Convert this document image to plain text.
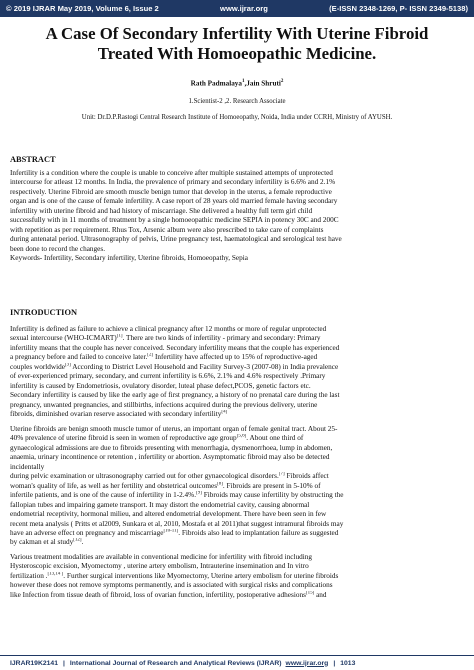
© 2019 IJRAR May 2019, Volume 6, Issue 2	www.ijrar.org	(E-ISSN 2348-1269, P- ISSN 2349-5138)
A Case Of Secondary Infertility With Uterine Fibroid
Treated With Homoeopathic Medicine.
Rath Padmalaya$^1$,Jain Shruti$^2$
1.Scientist-2 ,2. Research Associate
Unit: Dr.D.P.Rastogi Central Research Institute of Homoeopathy, Noida, India under CCRH, Ministry of AYUSH.
ABSTRACT
Infertility is a condition where the couple is unable to conceive after multiple sustained attempts of unprotected
intercourse for atleast 12 months. In India, the prevalence of primary and secondary infertility is 6.6% and 2.1%
respectively. Uterine Fibroid are smooth muscle benign tumor that develop in the uterus, a female reproductive
organ and is one of the cause of female infertility. A case report of 28 years old married female having secondary
infertility with uterine fibroid and had history of miscarriage. She delivered a healthy full term girl child
successfully with in 11 months of treatment by a single homoeopathic medicine SEPIA in potency 30C and 200C
with repetition as per requirement. Rhus Tox, Arsenic album were also prescribed to take care of complaints
during antenatal period. Ultrasonography of pelvis, Urine pregnancy test, haematological and serological test have
been done to record the changes.
Keywords- Infertility, Secondary infertility, Uterine fibroids, Homoeopathy, Sepia
INTRODUCTION
Infertility is defined as failure to achieve a clinical pregnancy after 12 months or more of regular unprotected
sexual intercourse (WHO-ICMART)[1]. There are two kinds of infertility - primary and secondary: Primary
infertility means that the couple has never conceived. Secondary infertility means that the couple has experienced
a pregnancy before and failed to conceive later.[2] Infertility have affected up to 15% of reproductive-aged
couples worldwide[3] According to District Level Household and Facility Survey-3 (2007-08) in India prevalence
of ever-experienced primary, secondary, and current infertility is 6.6%, 2.1% and 4.6% respectively .Primary
infertility is caused by Endometriosis, ovulatory disorder, luteal phase defect,PCOS, genetic factors etc.
Secondary infertility is caused by like the early age of first pregnancy, a history of no prenatal care during the last
pregnancy, unwanted pregnancies, and stillbirths, infections acquired during the previous delivery, uterine
fibroids, diminished ovarian reserve associated with secondary infertility[4]
Uterine fibroids are benign smooth muscle tumor of uterus, an important organ of female genital tract. About 25-
40% prevalence of uterine fibroid is seen in women of reproductive age group[5,6]. About one third of
gynaecological admissions are due to fibroids presenting with menorrhagia, dysmenorrhoea, lump in abdomen,
anaemia, urinary incontinence or retention , infertility or abortion. Asymptomatic fibroid may also be detected
incidentally
during pelvic examination or ultrasonography carried out for other gynaecological disorders.[7] Fibroids affect
woman's quality of life, as well as her fertility and obstetrical outcomes[8]. Fibroids are present in 5-10% of
infertile patients, and is one of the cause of infertility in 1-2.4%.[9] Fibroids may cause infertility by obstructing the
fallopian tubes and impairing gamete transport. It may distort the endometrial cavity, causing abnormal
endometrial receptivity, hormonal milieu, and altered endometrial development. There have been seen in few
recent meta analysis ( Pritts et al2009, Sunkara et al, 2010, Mostafa et al 2011)that suggest intramural fibroids may
have an adverse effect on pregnancy and miscarriage[10-11]. Fibroids also lead to implantation failure as suggested
by cakman et al study[12].
Various treatment modalities are available in conventional medicine for infertility with fibroid including
Hysteroscopic excision, Myomectomy , uterine artery embolism, Intrauterine insemination and In vitro
fertilization .[13,14 ]. Further surgical interventions like Myomectomy, Uterine artery embolism for uterine fibroids
however these does not remove symptoms permanently, and is associated with surgical risks and complications
like Infection from tissue death of fibroid, loss of ovarian function, infertility, postoperative adhesions[15] and
IJRAR19K2141 | International Journal of Research and Analytical Reviews (IJRAR) www.ijrar.org | 1013
